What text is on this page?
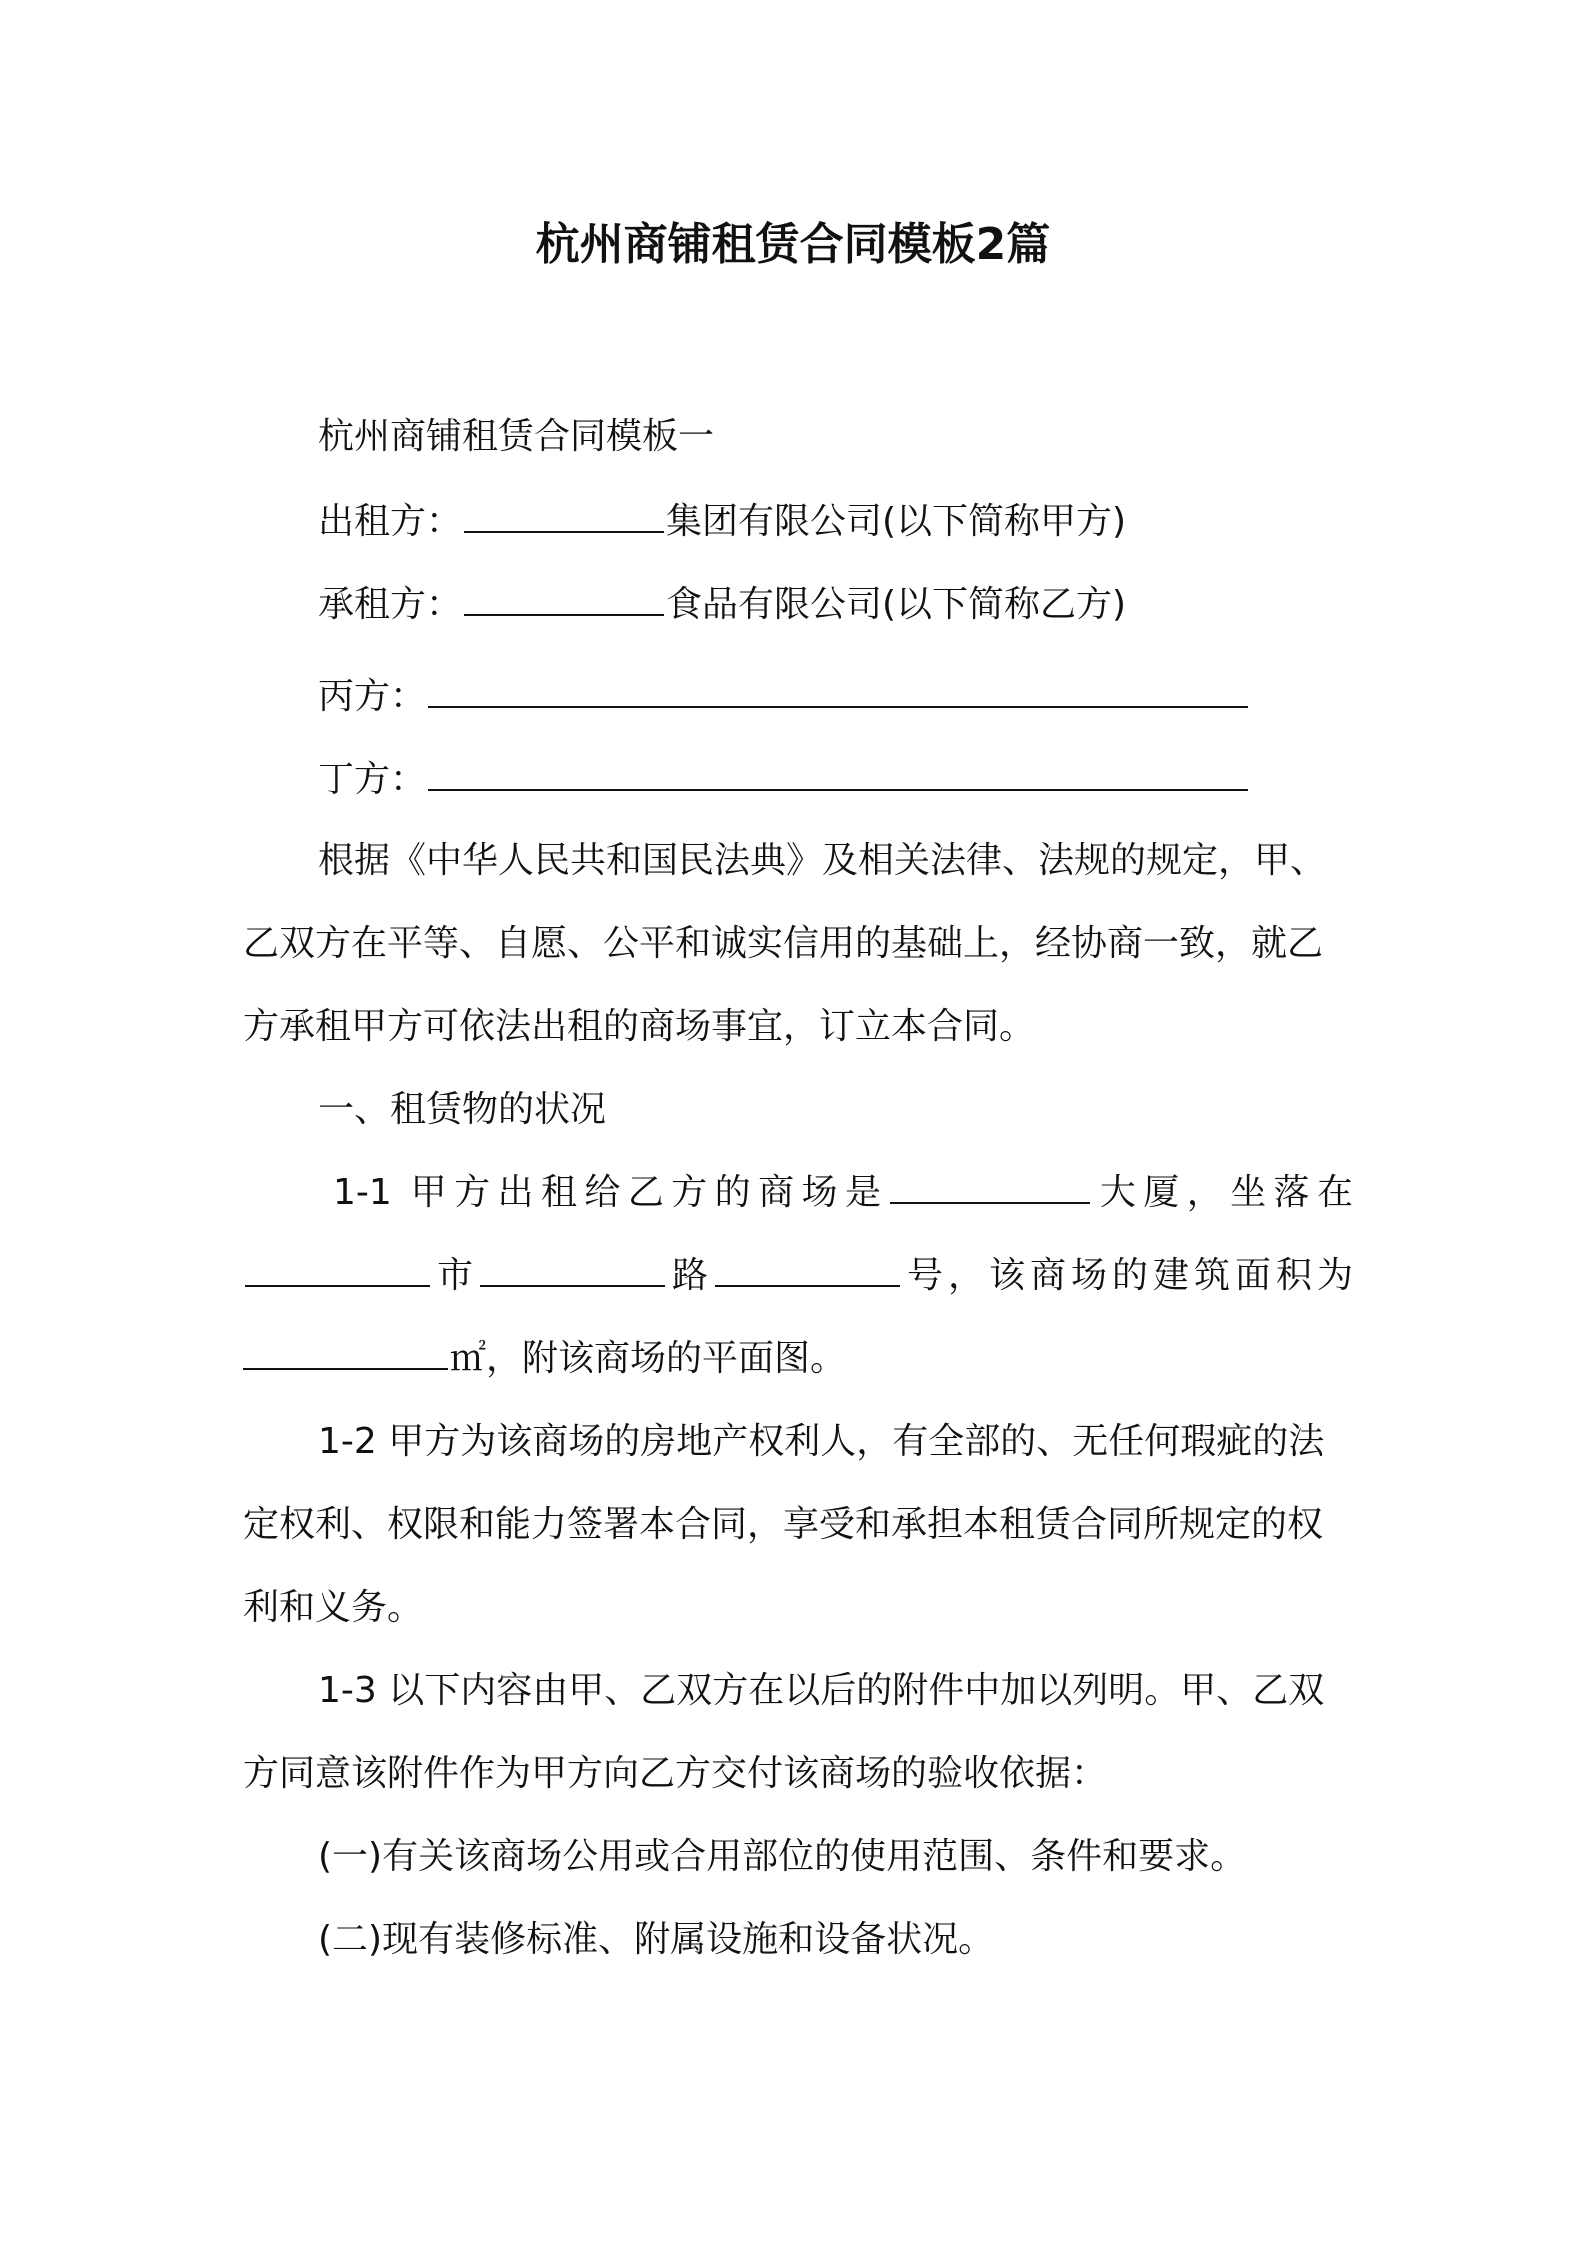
杭州商铺租赁合同模板2篇

杭州商铺租赁合同模板一

出租方：	集团有限公司(以下简称甲方)

承租方：	食品有限公司(以下简称乙方)

丙方：

丁方：

根据《中华人民共和国民法典》及相关法律、法规的规定，甲、

乙双方在平等、自愿、公平和诚实信用的基础上，经协商一致，就乙

方承租甲方可依法出租的商场事宜，订立本合同。

一、租赁物的状况

1-1 甲方出租给乙方的商场是	大厦，坐落在

市	路	号，该商场的建筑面积为

㎡，附该商场的平面图。

1-2 甲方为该商场的房地产权利人，有全部的、无任何瑕疵的法

定权利、权限和能力签署本合同，享受和承担本租赁合同所规定的权

利和义务。

1-3 以下内容由甲、乙双方在以后的附件中加以列明。甲、乙双

方同意该附件作为甲方向乙方交付该商场的验收依据：

(一)有关该商场公用或合用部位的使用范围、条件和要求。

(二)现有装修标准、附属设施和设备状况。
